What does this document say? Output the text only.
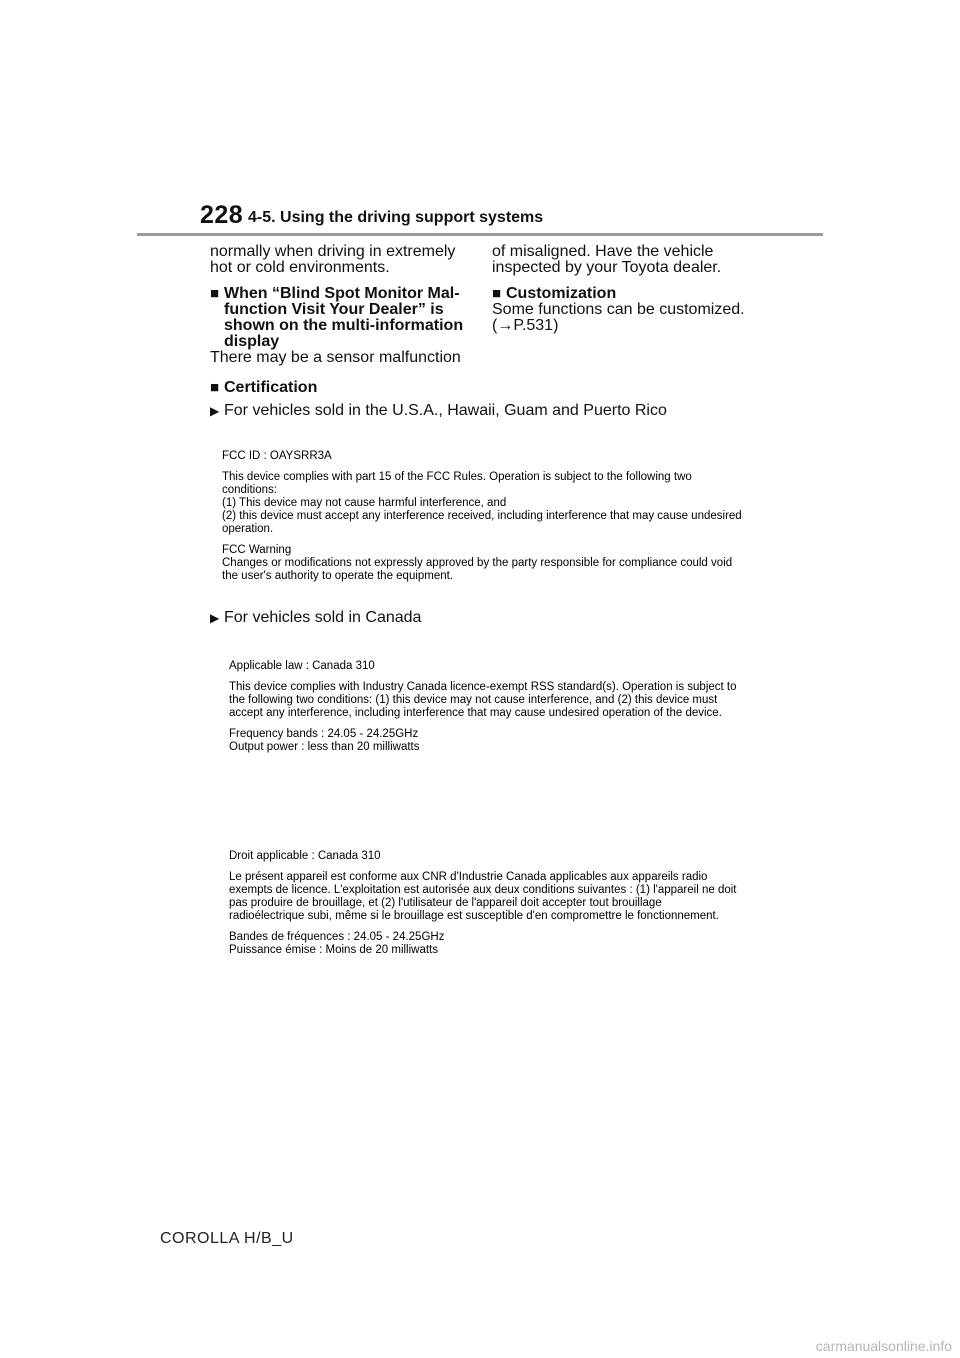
228 4-5. Using the driving support systems

normally when driving in extremely hot or cold environments.

■ When “Blind Spot Monitor Mal-function Visit Your Dealer” is shown on the multi-information display

There may be a sensor malfunction

of misaligned. Have the vehicle inspected by your Toyota dealer.

■ Customization

Some functions can be customized.
(→P.531)

■ Certification
▶ For vehicles sold in the U.S.A., Hawaii, Guam and Puerto Rico

FCC ID : OAYSRR3A

This device complies with part 15 of the FCC Rules. Operation is subject to the following two conditions:

(1) This device may not cause harmful interference, and

(2) this device must accept any interference received, including interference that may cause undesired operation.

FCC Warning

Changes or modifications not expressly approved by the party responsible for compliance could void the user's authority to operate the equipment.

▶ For vehicles sold in Canada

Applicable law : Canada 310

This device complies with Industry Canada licence-exempt RSS standard(s). Operation is subject to the following two conditions: (1) this device may not cause interference, and (2) this device must accept any interference, including interference that may cause undesired operation of the device.

Frequency bands : 24.05 - 24.25GHz

Output power : less than 20 milliwatts

Droit applicable : Canada 310

Le présent appareil est conforme aux CNR d'Industrie Canada applicables aux appareils radio exempts de licence. L'exploitation est autorisée aux deux conditions suivantes : (1) l'appareil ne doit pas produire de brouillage, et (2) l'utilisateur de l'appareil doit accepter tout brouillage radioélectrique subi, même si le brouillage est susceptible d'en compromettre le fonctionnement.

Bandes de fréquences : 24.05 - 24.25GHz

Puissance émise : Moins de 20 milliwatts

COROLLA H/B_U
carmanualsonline.info
